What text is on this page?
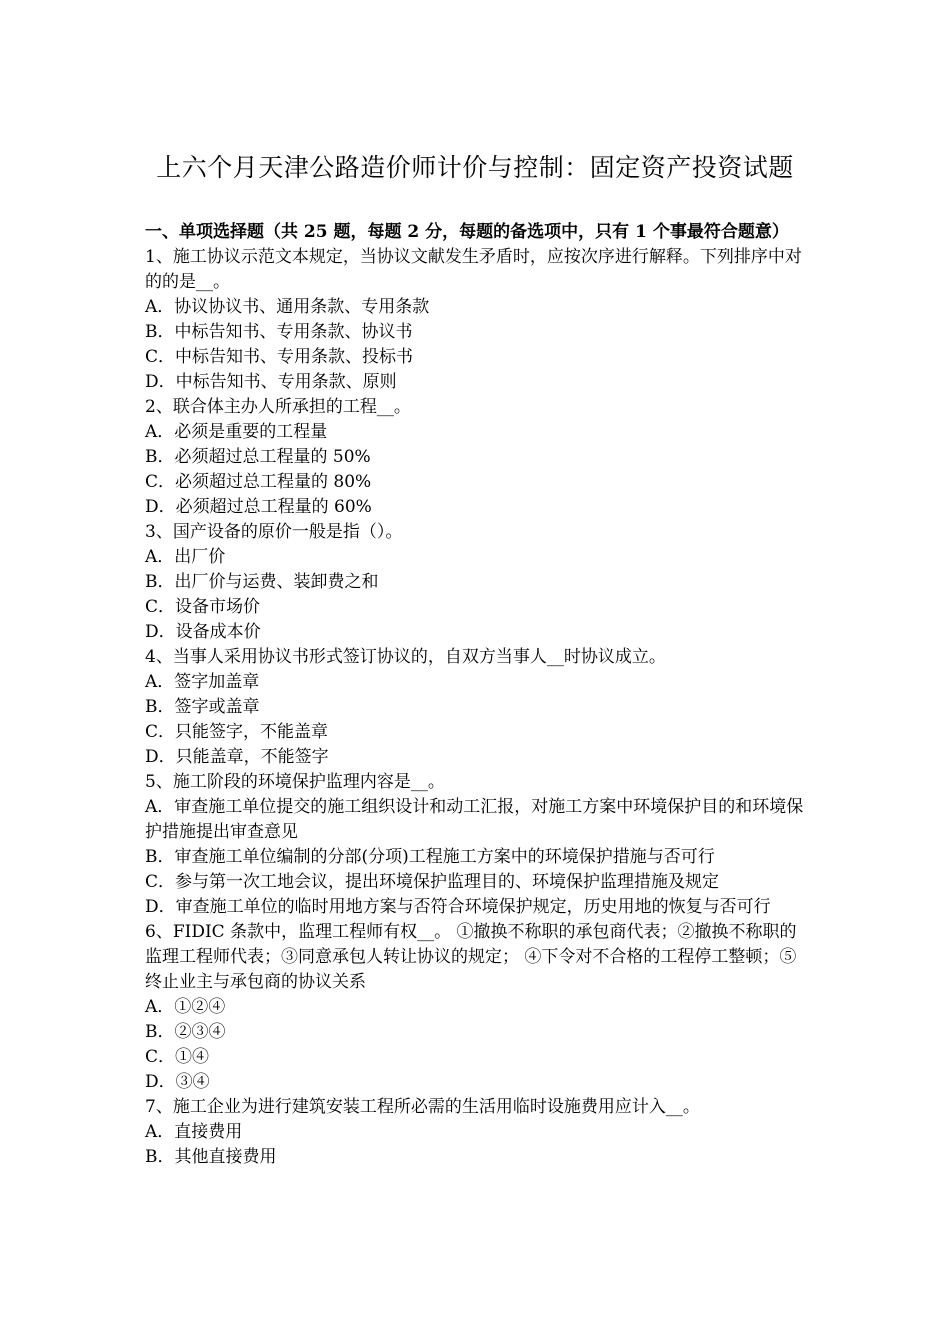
上六个月天津公路造价师计价与控制：固定资产投资试题

一、单项选择题（共 25 题，每题 2 分，每题的备选项中，只有 1 个事最符合题意）

1、施工协议示范文本规定，当协议文献发生矛盾时，应按次序进行解释。下列排序中对的的是__。

A．协议协议书、通用条款、专用条款

B．中标告知书、专用条款、协议书

C．中标告知书、专用条款、投标书

D．中标告知书、专用条款、原则

2、联合体主办人所承担的工程__。

A．必须是重要的工程量

B．必须超过总工程量的 50%

C．必须超过总工程量的 80%

D．必须超过总工程量的 60%

3、国产设备的原价一般是指（）。

A．出厂价

B．出厂价与运费、装卸费之和

C．设备市场价

D．设备成本价

4、当事人采用协议书形式签订协议的，自双方当事人__时协议成立。

A．签字加盖章

B．签字或盖章

C．只能签字，不能盖章

D．只能盖章，不能签字

5、施工阶段的环境保护监理内容是__。

A．审查施工单位提交的施工组织设计和动工汇报，对施工方案中环境保护目的和环境保护措施提出审查意见

B．审查施工单位编制的分部(分项)工程施工方案中的环境保护措施与否可行

C．参与第一次工地会议，提出环境保护监理目的、环境保护监理措施及规定

D．审查施工单位的临时用地方案与否符合环境保护规定，历史用地的恢复与否可行

6、FIDIC 条款中，监理工程师有权__。 ①撤换不称职的承包商代表；②撤换不称职的监理工程师代表；③同意承包人转让协议的规定； ④下令对不合格的工程停工整顿；⑤终止业主与承包商的协议关系

A．①②④

B．②③④

C．①④

D．③④

7、施工企业为进行建筑安装工程所必需的生活用临时设施费用应计入__。

A．直接费用

B．其他直接费用
